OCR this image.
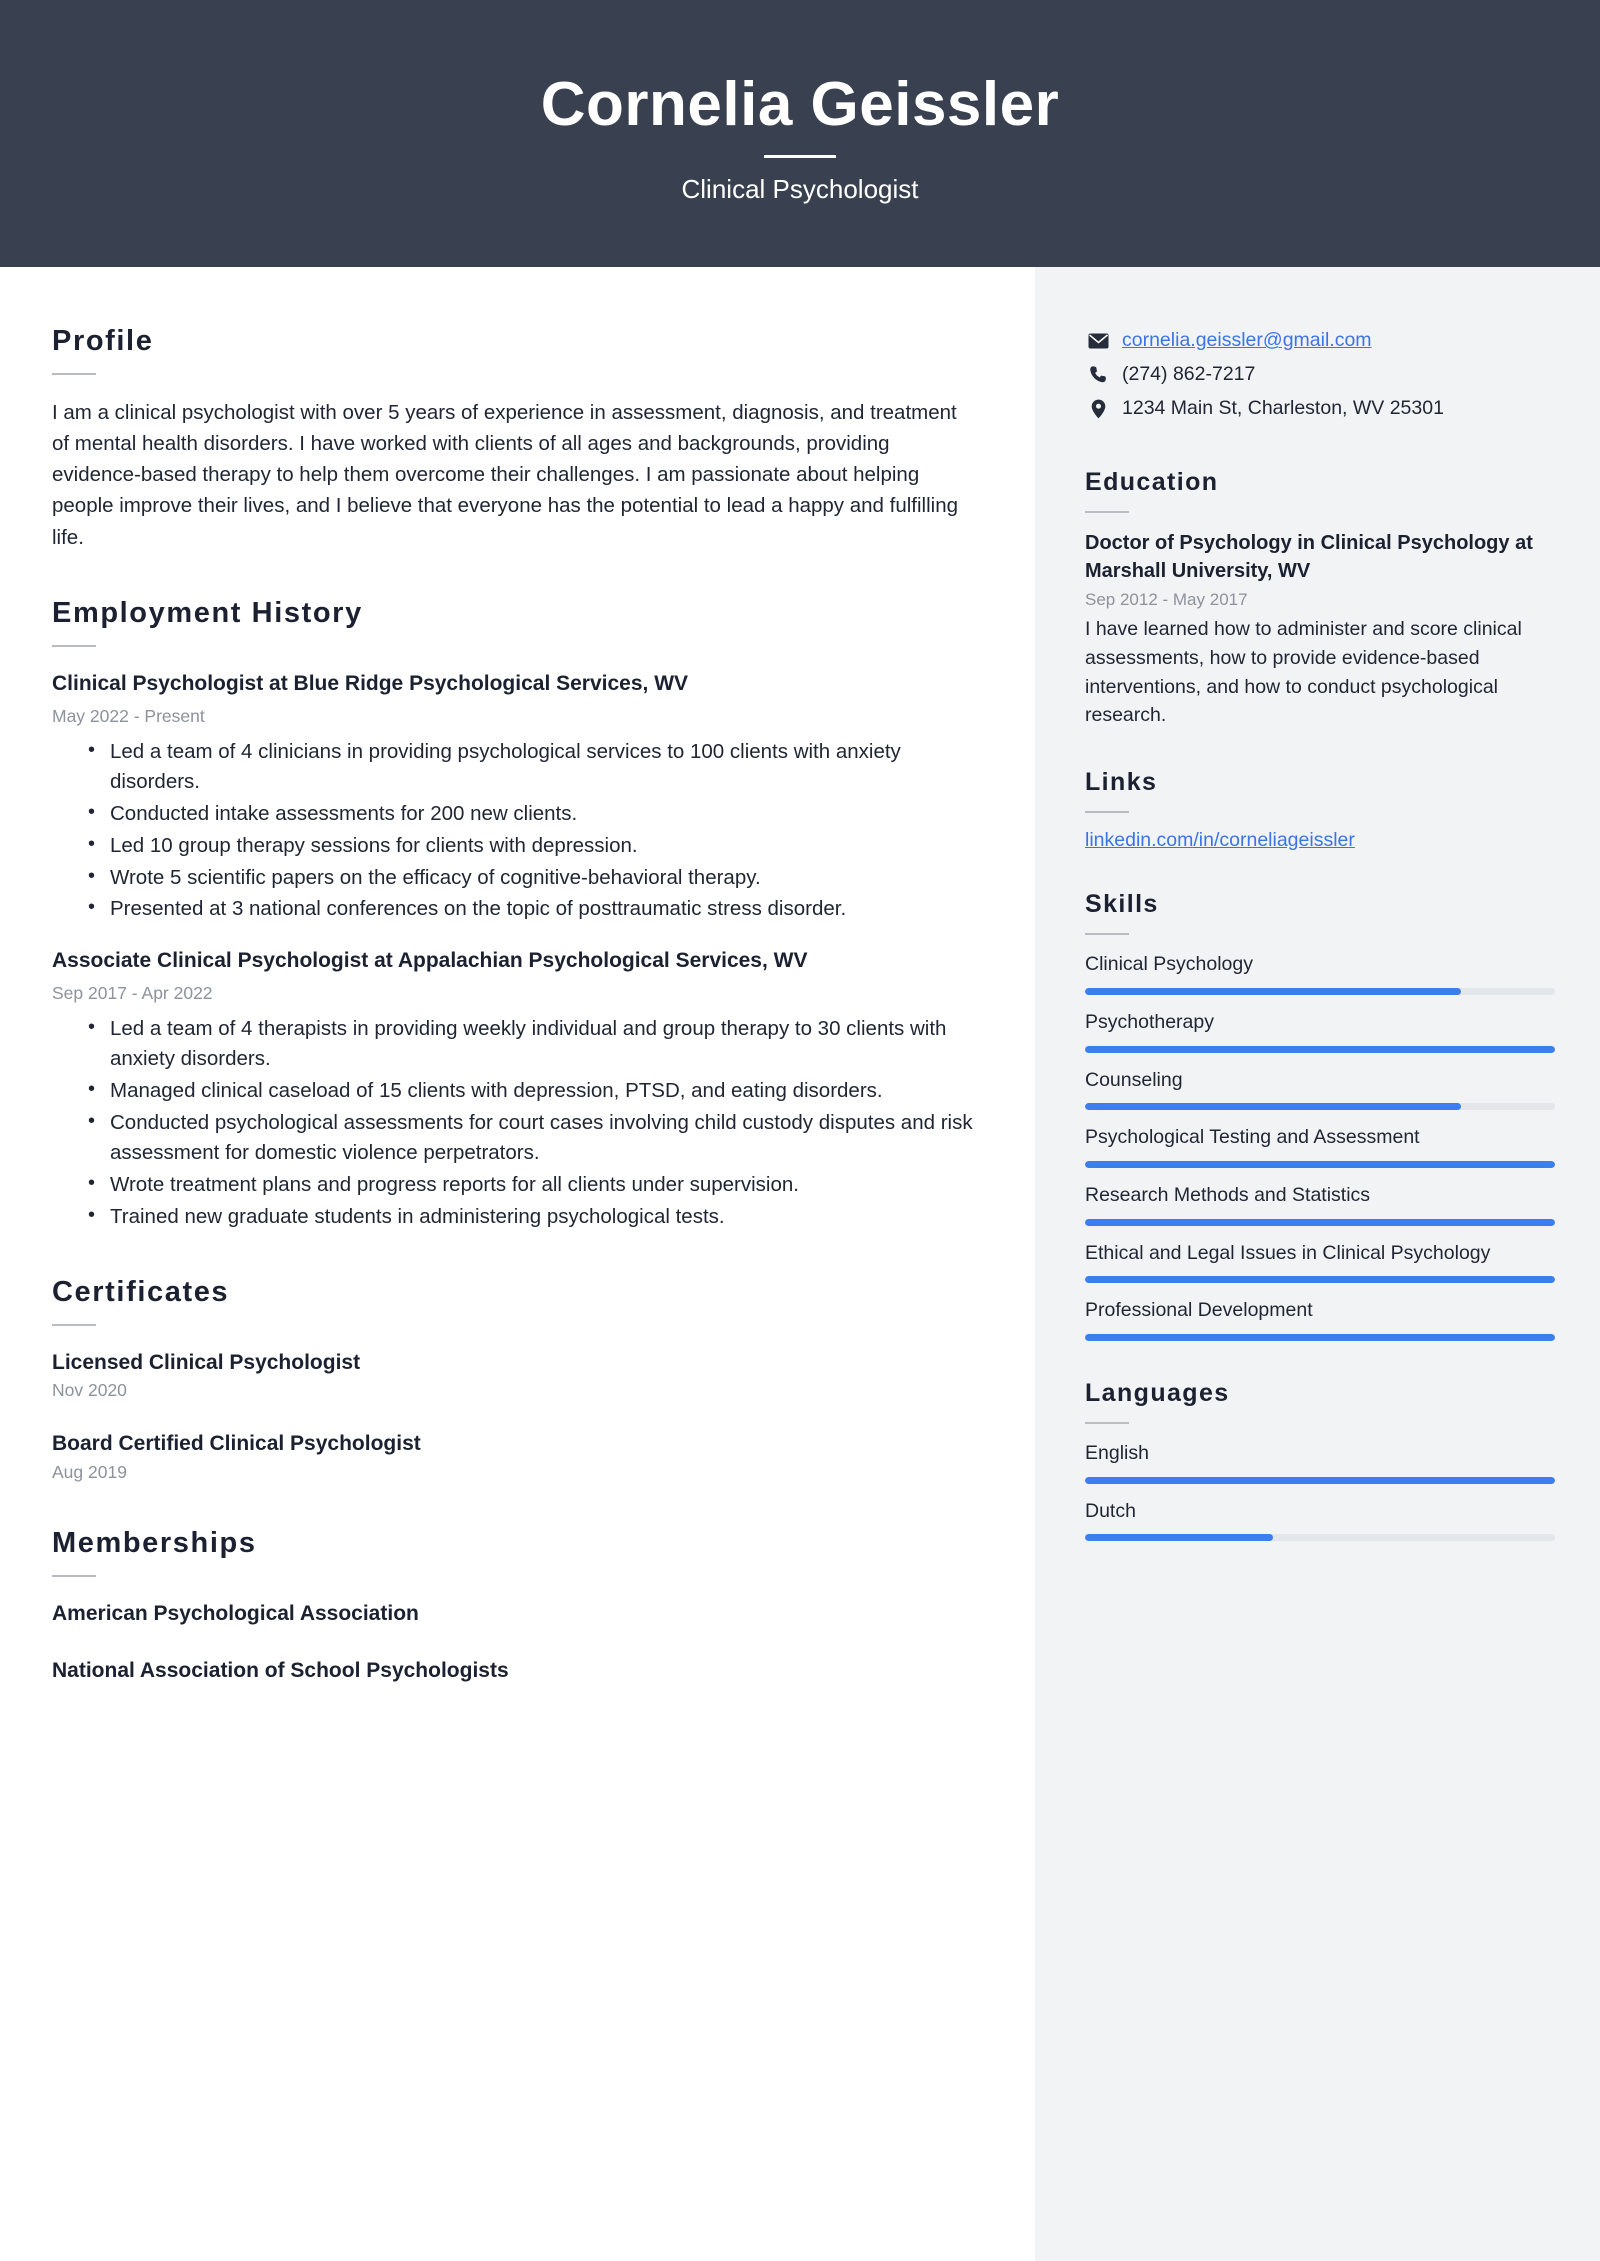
Cornelia Geissler
Clinical Psychologist
Profile
I am a clinical psychologist with over 5 years of experience in assessment, diagnosis, and treatment of mental health disorders. I have worked with clients of all ages and backgrounds, providing evidence-based therapy to help them overcome their challenges. I am passionate about helping people improve their lives, and I believe that everyone has the potential to lead a happy and fulfilling life.
Employment History
Clinical Psychologist at Blue Ridge Psychological Services, WV
May 2022 - Present
• Led a team of 4 clinicians in providing psychological services to 100 clients with anxiety disorders.
• Conducted intake assessments for 200 new clients.
• Led 10 group therapy sessions for clients with depression.
• Wrote 5 scientific papers on the efficacy of cognitive-behavioral therapy.
• Presented at 3 national conferences on the topic of posttraumatic stress disorder.
Associate Clinical Psychologist at Appalachian Psychological Services, WV
Sep 2017 - Apr 2022
• Led a team of 4 therapists in providing weekly individual and group therapy to 30 clients with anxiety disorders.
• Managed clinical caseload of 15 clients with depression, PTSD, and eating disorders.
• Conducted psychological assessments for court cases involving child custody disputes and risk assessment for domestic violence perpetrators.
• Wrote treatment plans and progress reports for all clients under supervision.
• Trained new graduate students in administering psychological tests.
Certificates
Licensed Clinical Psychologist
Nov 2020
Board Certified Clinical Psychologist
Aug 2019
Memberships
American Psychological Association
National Association of School Psychologists
cornelia.geissler@gmail.com
(274) 862-7217
1234 Main St, Charleston, WV 25301
Education
Doctor of Psychology in Clinical Psychology at Marshall University, WV
Sep 2012 - May 2017
I have learned how to administer and score clinical assessments, how to provide evidence-based interventions, and how to conduct psychological research.
Links
linkedin.com/in/corneliageissler
Skills
Clinical Psychology
Psychotherapy
Counseling
Psychological Testing and Assessment
Research Methods and Statistics
Ethical and Legal Issues in Clinical Psychology
Professional Development
Languages
English
Dutch
